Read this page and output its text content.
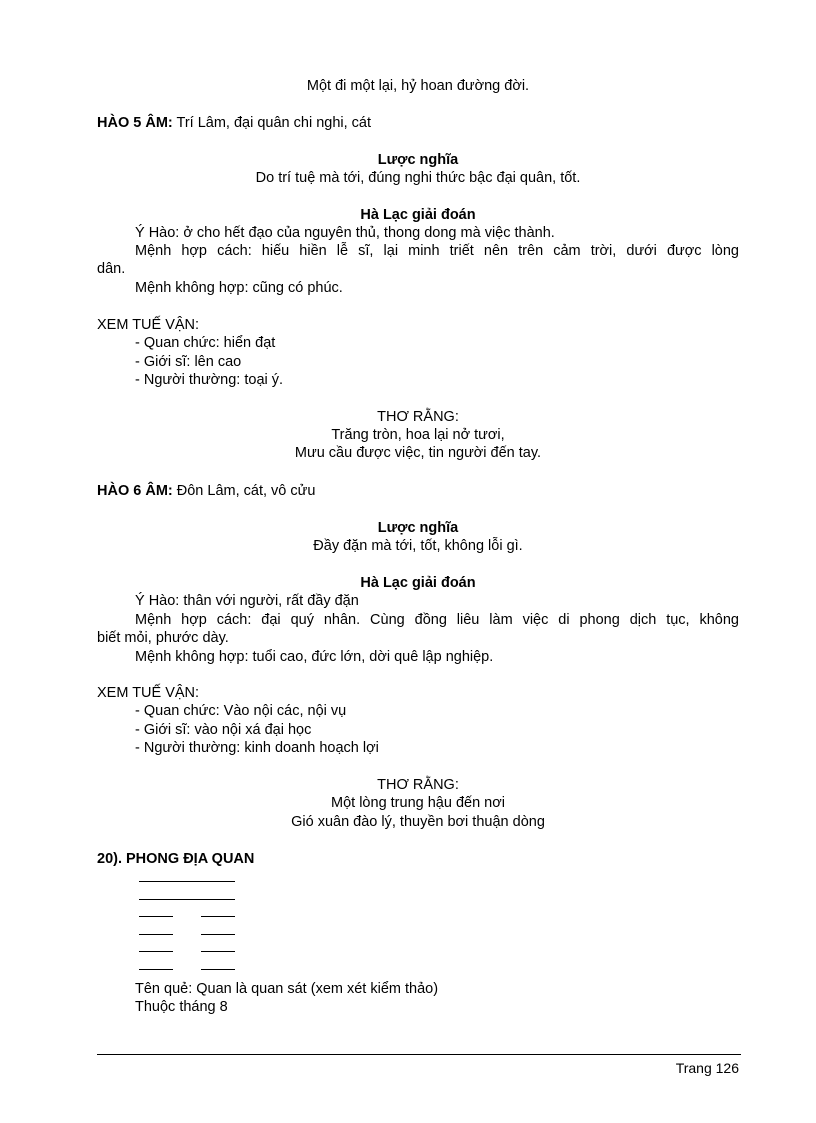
Một đi một lại, hỷ hoan đường đời.
HÀO 5 ÂM: Trí Lâm, đại quân chi nghi, cát
Lược nghĩa
Do trí tuệ mà tới, đúng nghi thức bậc đại quân, tốt.
Hà Lạc giải đoán
Ý Hào: ở cho hết đạo của nguyên thủ, thong dong mà việc thành.
Mệnh hợp cách: hiếu hiền lễ sĩ, lại minh triết nên trên cảm trời, dưới được lòng
dân.
Mệnh không hợp: cũng có phúc.
XEM TUẾ VẬN:
- Quan chức: hiển đạt
- Giới sĩ: lên cao
- Người thường: toại ý.
THƠ RẰNG:
Trăng tròn, hoa lại nở tươi,
Mưu cầu được việc, tin người đến tay.
HÀO 6 ÂM: Đôn Lâm, cát, vô cửu
Lược nghĩa
Đầy đặn mà tới, tốt, không lỗi gì.
Hà Lạc giải đoán
Ý Hào: thân với người, rất đầy đặn
Mệnh hợp cách: đại quý nhân. Cùng đồng liêu làm việc di phong dịch tục, không
biết mỏi, phước dày.
Mệnh không hợp: tuổi cao, đức lớn, dời quê lập nghiệp.
XEM TUẾ VẬN:
- Quan chức: Vào nội các, nội vụ
- Giới sĩ: vào nội xá đại học
- Người thường: kinh doanh hoạch lợi
THƠ RẰNG:
Một lòng trung hậu đến nơi
Gió xuân đào lý, thuyền bơi thuận dòng
20). PHONG ĐỊA QUAN
Tên quẻ: Quan là quan sát (xem xét kiểm thảo)
Thuộc tháng 8
Trang 126
